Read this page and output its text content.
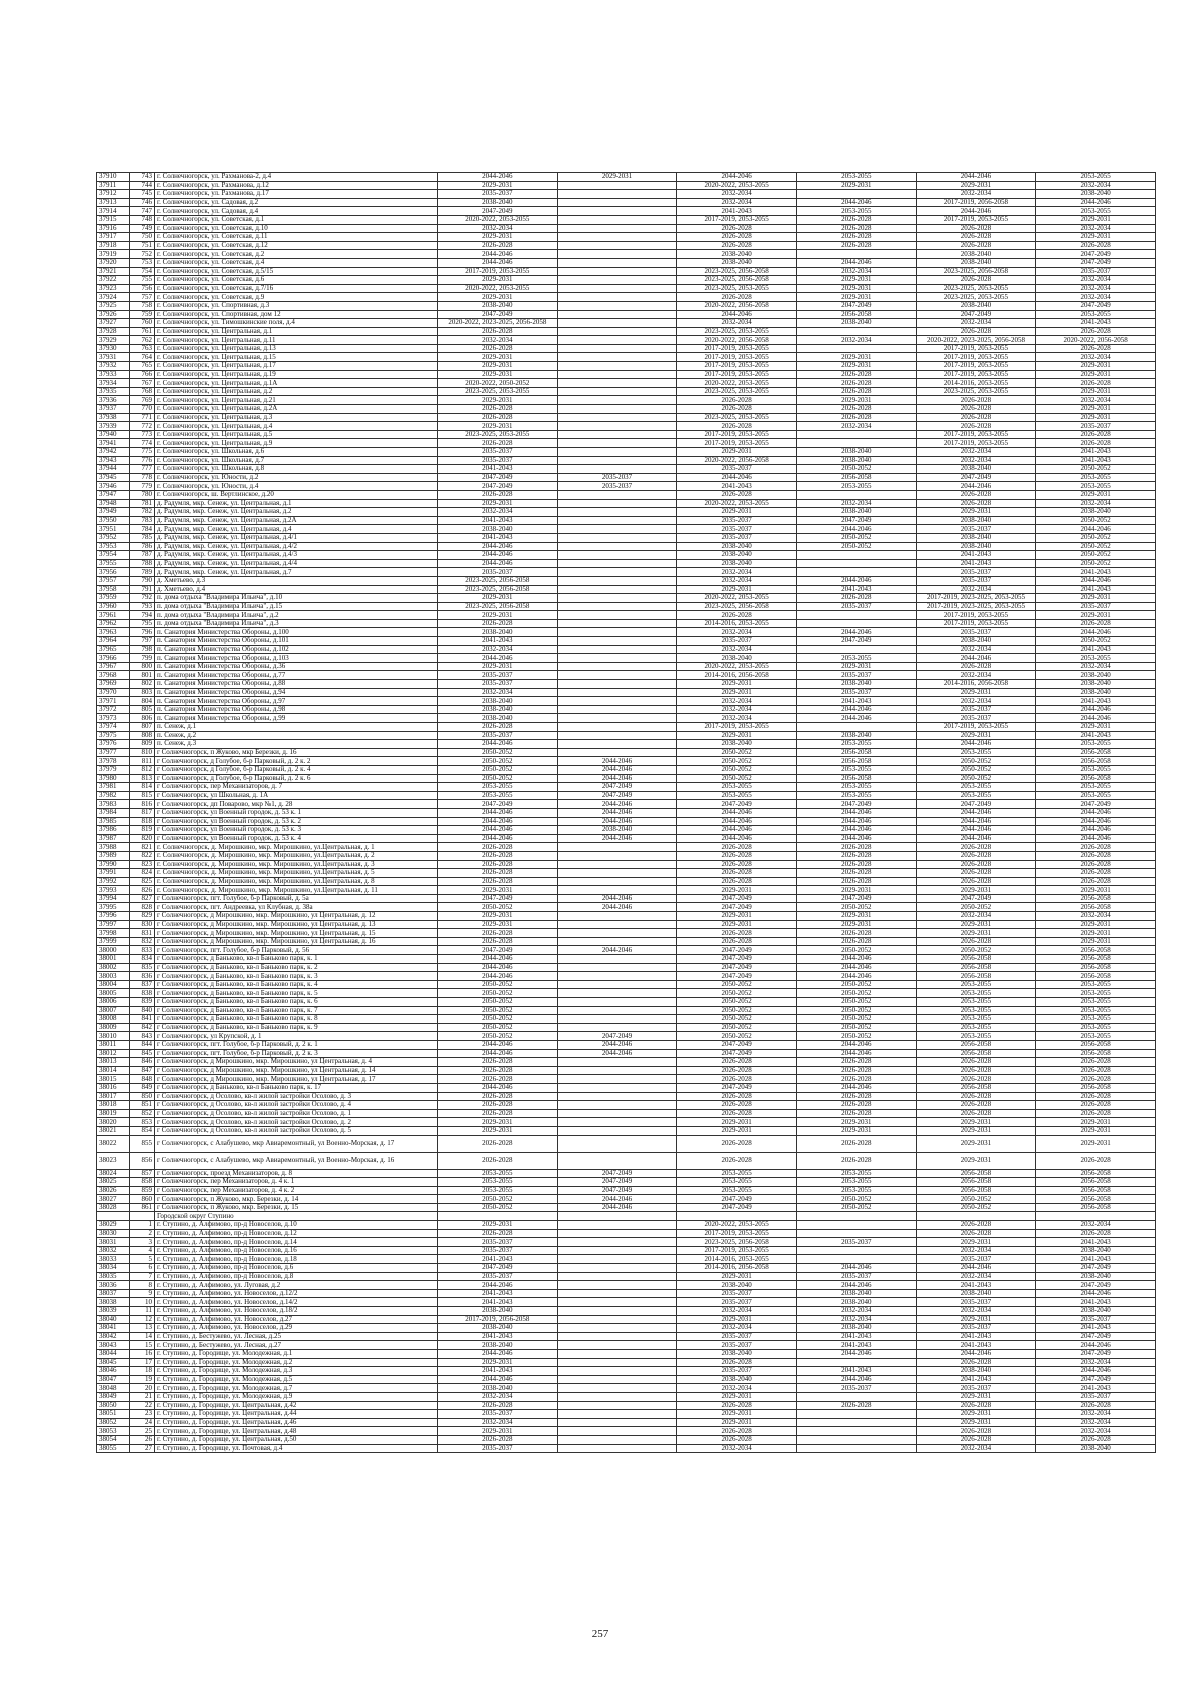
37910	743	г. Солнечногорск, ул. Рахманова-2, д.4	2044-2046	2029-2031	2044-2046	2053-2055	2044-2046	2053-2055
37911	744	г. Солнечногорск, ул. Рахманова, д.12	2029-2031		2020-2022, 2053-2055	2029-2031	2029-2031	2032-2034
37912	745	г. Солнечногорск, ул. Рахманова, д.17	2035-2037		2032-2034		2032-2034	2038-2040
37913	746	г. Солнечногорск, ул. Садовая, д.2	2038-2040		2032-2034	2044-2046	2017-2019, 2056-2058	2044-2046
37914	747	г. Солнечногорск, ул. Садовая, д.4	2047-2049		2041-2043	2053-2055	2044-2046	2053-2055
37915	748	г. Солнечногорск, ул. Советская, д.1	2020-2022, 2053-2055		2017-2019, 2053-2055	2026-2028	2017-2019, 2053-2055	2029-2031
37916	749	г. Солнечногорск, ул. Советская, д.10	2032-2034		2026-2028	2026-2028	2026-2028	2032-2034
37917	750	г. Солнечногорск, ул. Советская, д.11	2029-2031		2026-2028	2026-2028	2026-2028	2029-2031
37918	751	г. Солнечногорск, ул. Советская, д.12	2026-2028		2026-2028	2026-2028	2026-2028	2026-2028
37919	752	г. Солнечногорск, ул. Советская, д.2	2044-2046		2038-2040		2038-2040	2047-2049
37920	753	г. Солнечногорск, ул. Советская, д.4	2044-2046		2038-2040	2044-2046	2038-2040	2047-2049
37921	754	г. Солнечногорск, ул. Советская, д.5/15	2017-2019, 2053-2055		2023-2025, 2056-2058	2032-2034	2023-2025, 2056-2058	2035-2037
37922	755	г. Солнечногорск, ул. Советская, д.6	2029-2031		2023-2025, 2056-2058	2029-2031	2026-2028	2032-2034
37923	756	г. Солнечногорск, ул. Советская, д.7/16	2020-2022, 2053-2055		2023-2025, 2053-2055	2029-2031	2023-2025, 2053-2055	2032-2034
37924	757	г. Солнечногорск, ул. Советская, д.9	2029-2031		2026-2028	2029-2031	2023-2025, 2053-2055	2032-2034
37925	758	г. Солнечногорск, ул. Спортивная, д.3	2038-2040		2020-2022, 2056-2058	2047-2049	2038-2040	2047-2049
37926	759	г. Солнечногорск, ул. Спортивная, дом 12	2047-2049		2044-2046	2056-2058	2047-2049	2053-2055
37927	760	г. Солнечногорск, ул. Тимошкинские поля, д.4	2020-2022, 2023-2025, 2056-2058		2032-2034	2038-2040	2032-2034	2041-2043
37928	761	г. Солнечногорск, ул. Центральная, д.1	2026-2028		2023-2025, 2053-2055		2026-2028	2026-2028
37929	762	г. Солнечногорск, ул. Центральная, д.11	2032-2034		2020-2022, 2056-2058	2032-2034	2020-2022, 2023-2025, 2056-2058	2020-2022, 2056-2058
37930	763	г. Солнечногорск, ул. Центральная, д.13	2026-2028		2017-2019, 2053-2055		2017-2019, 2053-2055	2026-2028
37931	764	г. Солнечногорск, ул. Центральная, д.15	2029-2031		2017-2019, 2053-2055	2029-2031	2017-2019, 2053-2055	2032-2034
37932	765	г. Солнечногорск, ул. Центральная, д.17	2029-2031		2017-2019, 2053-2055	2029-2031	2017-2019, 2053-2055	2029-2031
37933	766	г. Солнечногорск, ул. Центральная, д.19	2029-2031		2017-2019, 2053-2055	2026-2028	2017-2019, 2053-2055	2029-2031
37934	767	г. Солнечногорск, ул. Центральная, д.1А	2020-2022, 2050-2052		2020-2022, 2053-2055	2026-2028	2014-2016, 2053-2055	2026-2028
37935	768	г. Солнечногорск, ул. Центральная, д.2	2023-2025, 2053-2055		2023-2025, 2053-2055	2026-2028	2023-2025, 2053-2055	2029-2031
37936	769	г. Солнечногорск, ул. Центральная, д.21	2029-2031		2026-2028	2029-2031	2026-2028	2032-2034
37937	770	г. Солнечногорск, ул. Центральная, д.2А	2026-2028		2026-2028	2026-2028	2026-2028	2029-2031
37938	771	г. Солнечногорск, ул. Центральная, д.3	2026-2028		2023-2025, 2053-2055	2026-2028	2026-2028	2029-2031
37939	772	г. Солнечногорск, ул. Центральная, д.4	2029-2031		2026-2028	2032-2034	2026-2028	2035-2037
37940	773	г. Солнечногорск, ул. Центральная, д.5	2023-2025, 2053-2055		2017-2019, 2053-2055		2017-2019, 2053-2055	2026-2028
37941	774	г. Солнечногорск, ул. Центральная, д.9	2026-2028		2017-2019, 2053-2055		2017-2019, 2053-2055	2026-2028
37942	775	г. Солнечногорск, ул. Школьная, д.6	2035-2037		2029-2031	2038-2040	2032-2034	2041-2043
37943	776	г. Солнечногорск, ул. Школьная, д.7	2035-2037		2020-2022, 2056-2058	2038-2040	2032-2034	2041-2043
37944	777	г. Солнечногорск, ул. Школьная, д.8	2041-2043		2035-2037	2050-2052	2038-2040	2050-2052
37945	778	г. Солнечногорск, ул. Юности, д.2	2047-2049	2035-2037	2044-2046	2056-2058	2047-2049	2053-2055
37946	779	г. Солнечногорск, ул. Юности, д.4	2047-2049	2035-2037	2041-2043	2053-2055	2044-2046	2053-2055
37947	780	г. Солнечногорск, ш. Вертлинское, д.20	2026-2028		2026-2028		2026-2028	2029-2031
37948	781	д. Радумля, мкр. Сенеж, ул. Центральная, д.1	2029-2031		2020-2022, 2053-2055	2032-2034	2026-2028	2032-2034
37949	782	д. Радумля, мкр. Сенеж, ул. Центральная, д.2	2032-2034		2029-2031	2038-2040	2029-2031	2038-2040
37950	783	д. Радумля, мкр. Сенеж, ул. Центральная, д.2А	2041-2043		2035-2037	2047-2049	2038-2040	2050-2052
37951	784	д. Радумля, мкр. Сенеж, ул. Центральная, д.4	2038-2040		2035-2037	2044-2046	2035-2037	2044-2046
37952	785	д. Радумля, мкр. Сенеж, ул. Центральная, д.4/1	2041-2043		2035-2037	2050-2052	2038-2040	2050-2052
37953	786	д. Радумля, мкр. Сенеж, ул. Центральная, д.4/2	2044-2046		2038-2040	2050-2052	2038-2040	2050-2052
37954	787	д. Радумля, мкр. Сенеж, ул. Центральная, д.4/3	2044-2046		2038-2040		2041-2043	2050-2052
37955	788	д. Радумля, мкр. Сенеж, ул. Центральная, д.4/4	2044-2046		2038-2040		2041-2043	2050-2052
37956	789	д. Радумля, мкр. Сенеж, ул. Центральная, д.7	2035-2037		2032-2034		2035-2037	2041-2043
37957	790	д. Хметьево, д.3	2023-2025, 2056-2058		2032-2034	2044-2046	2035-2037	2044-2046
37958	791	д. Хметьево, д.4	2023-2025, 2056-2058		2029-2031	2041-2043	2032-2034	2041-2043
37959	792	п. дома отдыха "Владимира Ильича", д.10	2029-2031		2020-2022, 2053-2055	2026-2028	2017-2019, 2023-2025, 2053-2055	2029-2031
37960	793	п. дома отдыха "Владимира Ильича", д.15	2023-2025, 2056-2058		2023-2025, 2056-2058	2035-2037	2017-2019, 2023-2025, 2053-2055	2035-2037
37961	794	п. дома отдыха "Владимира Ильича", д.2	2029-2031		2026-2028		2017-2019, 2053-2055	2029-2031
37962	795	п. дома отдыха "Владимира Ильича", д.3	2026-2028		2014-2016, 2053-2055		2017-2019, 2053-2055	2026-2028
37963	796	п. Санатория Министерства Обороны, д.100	2038-2040		2032-2034	2044-2046	2035-2037	2044-2046
37964	797	п. Санатория Министерства Обороны, д.101	2041-2043		2035-2037	2047-2049	2038-2040	2050-2052
37965	798	п. Санатория Министерства Обороны, д.102	2032-2034		2032-2034		2032-2034	2041-2043
37966	799	п. Санатория Министерства Обороны, д.103	2044-2046		2038-2040	2053-2055	2044-2046	2053-2055
37967	800	п. Санатория Министерства Обороны, д.36	2029-2031		2020-2022, 2053-2055	2029-2031	2026-2028	2032-2034
37968	801	п. Санатория Министерства Обороны, д.77	2035-2037		2014-2016, 2056-2058	2035-2037	2032-2034	2038-2040
37969	802	п. Санатория Министерства Обороны, д.88	2035-2037		2029-2031	2038-2040	2014-2016, 2056-2058	2038-2040
37970	803	п. Санатория Министерства Обороны, д.94	2032-2034		2029-2031	2035-2037	2029-2031	2038-2040
37971	804	п. Санатория Министерства Обороны, д.97	2038-2040		2032-2034	2041-2043	2032-2034	2041-2043
37972	805	п. Санатория Министерства Обороны, д.98	2038-2040		2032-2034	2044-2046	2035-2037	2044-2046
37973	806	п. Санатория Министерства Обороны, д.99	2038-2040		2032-2034	2044-2046	2035-2037	2044-2046
37974	807	п. Сенеж, д.1	2026-2028		2017-2019, 2053-2055		2017-2019, 2053-2055	2029-2031
37975	808	п. Сенеж, д.2	2035-2037		2029-2031	2038-2040	2029-2031	2041-2043
37976	809	п. Сенеж, д.3	2044-2046		2038-2040	2053-2055	2044-2046	2053-2055
37977	810	г Солнечногорск, п Жуково, мкр Березки, д. 16	2050-2052		2050-2052	2056-2058	2053-2055	2056-2058
37978	811	г Солнечногорск, д Голубое, б-р Парковый, д. 2 к. 2	2050-2052	2044-2046	2050-2052	2056-2058	2050-2052	2056-2058
37979	812	г Солнечногорск, д Голубое, б-р Парковый, д. 2 к. 4	2050-2052	2044-2046	2050-2052	2053-2055	2050-2052	2053-2055
37980	813	г Солнечногорск, д Голубое, б-р Парковый, д. 2 к. 6	2050-2052	2044-2046	2050-2052	2056-2058	2050-2052	2056-2058
37981	814	г Солнечногорск, пер Механизаторов, д. 7	2053-2055	2047-2049	2053-2055	2053-2055	2053-2055	2053-2055
37982	815	г Солнечногорск, ул Школьная, д. 1А	2053-2055	2047-2049	2053-2055	2053-2055	2053-2055	2053-2055
37983	816	г Солнечногорск, дп Поварово, мкр №1, д. 28	2047-2049	2044-2046	2047-2049	2047-2049	2047-2049	2047-2049
37984	817	г Солнечногорск, ул Военный городок, д. 53 к. 1	2044-2046	2044-2046	2044-2046	2044-2046	2044-2046	2044-2046
37985	818	г Солнечногорск, ул Военный городок, д. 53 к. 2	2044-2046	2044-2046	2044-2046	2044-2046	2044-2046	2044-2046
37986	819	г Солнечногорск, ул Военный городок, д. 53 к. 3	2044-2046	2038-2040	2044-2046	2044-2046	2044-2046	2044-2046
37987	820	г Солнечногорск, ул Военный городок, д. 53 к. 4	2044-2046	2044-2046	2044-2046	2044-2046	2044-2046	2044-2046
37988	821	г. Солнечногорск, д. Мирошкино, мкр. Мирошкино, ул.Центральная, д. 1	2026-2028		2026-2028	2026-2028	2026-2028	2026-2028
37989	822	г. Солнечногорск, д. Мирошкино, мкр. Мирошкино, ул.Центральная, д. 2	2026-2028		2026-2028	2026-2028	2026-2028	2026-2028
37990	823	г. Солнечногорск, д. Мирошкино, мкр. Мирошкино, ул.Центральная, д. 3	2026-2028		2026-2028	2026-2028	2026-2028	2026-2028
37991	824	г. Солнечногорск, д. Мирошкино, мкр. Мирошкино, ул.Центральная, д. 5	2026-2028		2026-2028	2026-2028	2026-2028	2026-2028
37992	825	г. Солнечногорск, д. Мирошкино, мкр. Мирошкино, ул.Центральная, д. 8	2026-2028		2026-2028	2026-2028	2026-2028	2026-2028
37993	826	г. Солнечногорск, д. Мирошкино, мкр. Мирошкино, ул.Центральная, д. 11	2029-2031		2029-2031	2029-2031	2029-2031	2029-2031
37994	827	г Солнечногорск, пгт. Голубое, б-р Парковый, д. 5а	2047-2049	2044-2046	2047-2049	2047-2049	2047-2049	2056-2058
37995	828	г Солнечногорск, пгт. Андреевка, ул Клубная, д. 38а	2050-2052	2044-2046	2047-2049	2050-2052	2050-2052	2056-2058
37996	829	г Солнечногорск, д Мирошкино, мкр. Мирошкино, ул Центральная, д. 12	2029-2031		2029-2031	2029-2031	2032-2034	2032-2034
37997	830	г Солнечногорск, д Мирошкино, мкр. Мирошкино, ул Центральная, д. 13	2029-2031		2029-2031	2029-2031	2029-2031	2029-2031
37998	831	г Солнечногорск, д Мирошкино, мкр. Мирошкино, ул Центральная, д. 15	2026-2028		2026-2028	2026-2028	2029-2031	2029-2031
37999	832	г Солнечногорск, д Мирошкино, мкр. Мирошкино, ул Центральная, д. 16	2026-2028		2026-2028	2026-2028	2026-2028	2029-2031
38000	833	г Солнечногорск, пгт. Голубое, б-р Парковый, д. 56	2047-2049	2044-2046	2047-2049	2050-2052	2050-2052	2056-2058
38001	834	г Солнечногорск, д Баньково, кв-л Баньково парк, к. 1	2044-2046		2047-2049	2044-2046	2056-2058	2056-2058
38002	835	г Солнечногорск, д Баньково, кв-л Баньково парк, к. 2	2044-2046		2047-2049	2044-2046	2056-2058	2056-2058
38003	836	г Солнечногорск, д Баньково, кв-л Баньково парк, к. 3	2044-2046		2047-2049	2044-2046	2056-2058	2056-2058
38004	837	г Солнечногорск, д Баньково, кв-л Баньково парк, к. 4	2050-2052		2050-2052	2050-2052	2053-2055	2053-2055
38005	838	г Солнечногорск, д Баньково, кв-л Баньково парк, к. 5	2050-2052		2050-2052	2050-2052	2053-2055	2053-2055
38006	839	г Солнечногорск, д Баньково, кв-л Баньково парк, к. 6	2050-2052		2050-2052	2050-2052	2053-2055	2053-2055
38007	840	г Солнечногорск, д Баньково, кв-л Баньково парк, к. 7	2050-2052		2050-2052	2050-2052	2053-2055	2053-2055
38008	841	г Солнечногорск, д Баньково, кв-л Баньково парк, к. 8	2050-2052		2050-2052	2050-2052	2053-2055	2053-2055
38009	842	г Солнечногорск, д Баньково, кв-л Баньково парк, к. 9	2050-2052		2050-2052	2050-2052	2053-2055	2053-2055
38010	843	г Солнечногорск, ул Крупской, д. 1	2050-2052	2047-2049	2050-2052	2050-2052	2053-2055	2053-2055
38011	844	г Солнечногорск, пгт. Голубое, б-р Парковый, д. 2 к. 1	2044-2046	2044-2046	2047-2049	2044-2046	2056-2058	2056-2058
38012	845	г Солнечногорск, пгт. Голубое, б-р Парковый, д. 2 к. 3	2044-2046	2044-2046	2047-2049	2044-2046	2056-2058	2056-2058
38013	846	г Солнечногорск, д Мирошкино, мкр. Мирошкино, ул Центральная, д. 4	2026-2028		2026-2028	2026-2028	2026-2028	2026-2028
38014	847	г Солнечногорск, д Мирошкино, мкр. Мирошкино, ул Центральная, д. 14	2026-2028		2026-2028	2026-2028	2026-2028	2026-2028
38015	848	г Солнечногорск, д Мирошкино, мкр. Мирошкино, ул Центральная, д. 17	2026-2028		2026-2028	2026-2028	2026-2028	2026-2028
38016	849	г Солнечногорск, д Баньково, кв-л Баньково парк, к. 17	2044-2046		2047-2049	2044-2046	2056-2058	2056-2058
38017	850	г Солнечногорск, д Осолово, кв-л жилой застройки Осолово, д. 3	2026-2028		2026-2028	2026-2028	2026-2028	2026-2028
38018	851	г Солнечногорск, д Осолово, кв-л жилой застройки Осолово, д. 4	2026-2028		2026-2028	2026-2028	2026-2028	2026-2028
38019	852	г Солнечногорск, д Осолово, кв-л жилой застройки Осолово, д. 1	2026-2028		2026-2028	2026-2028	2026-2028	2026-2028
38020	853	г Солнечногорск, д Осолово, кв-л жилой застройки Осолово, д. 2	2029-2031		2029-2031	2029-2031	2029-2031	2029-2031
38021	854	г Солнечногорск, д Осолово, кв-л жилой застройки Осолово, д. 5	2029-2031		2029-2031	2029-2031	2029-2031	2029-2031
38022	855	г Солнечногорск, с Алабушево, мкр Авиаремонтный, ул Военно-Морская, д. 17	2026-2028		2026-2028	2026-2028	2029-2031	2029-2031
38023	856	г Солнечногорск, с Алабушево, мкр Авиаремонтный, ул Военно-Морская, д. 16	2026-2028		2026-2028	2026-2028	2029-2031	2026-2028
38024	857	г Солнечногорск, проезд Механизаторов, д. 8	2053-2055	2047-2049	2053-2055	2053-2055	2056-2058	2056-2058
38025	858	г Солнечногорск, пер Механизаторов, д. 4 к. 1	2053-2055	2047-2049	2053-2055	2053-2055	2056-2058	2056-2058
38026	859	г Солнечногорск, пер Механизаторов, д. 4 к. 2	2053-2055	2047-2049	2053-2055	2053-2055	2056-2058	2056-2058
38027	860	г Солнечногорск, п Жуково, мкр. Березки, д. 14	2050-2052	2044-2046	2047-2049	2050-2052	2050-2052	2056-2058
38028	861	г Солнечногорск, п Жуково, мкр. Березки, д. 15	2050-2052	2044-2046	2047-2049	2050-2052	2050-2052	2056-2058
		Городской округ Ступино						
38029	1	г. Ступино, д. Алфимово, пр-д Новоселов, д.10	2029-2031		2020-2022, 2053-2055		2026-2028	2032-2034
38030	2	г. Ступино, д. Алфимово, пр-д Новоселов, д.12	2026-2028		2017-2019, 2053-2055		2026-2028	2026-2028
38031	3	г. Ступино, д. Алфимово, пр-д Новоселов, д.14	2035-2037		2023-2025, 2056-2058	2035-2037	2029-2031	2041-2043
38032	4	г. Ступино, д. Алфимово, пр-д Новоселов, д.16	2035-2037		2017-2019, 2053-2055		2032-2034	2038-2040
38033	5	г. Ступино, д. Алфимово, пр-д Новоселов, д.18	2041-2043		2014-2016, 2053-2055		2035-2037	2041-2043
38034	6	г. Ступино, д. Алфимово, пр-д Новоселов, д.6	2047-2049		2014-2016, 2056-2058	2044-2046	2044-2046	2047-2049
38035	7	г. Ступино, д. Алфимово, пр-д Новоселов, д.8	2035-2037		2029-2031	2035-2037	2032-2034	2038-2040
38036	8	г. Ступино, д. Алфимово, ул. Луговая, д.2	2044-2046		2038-2040	2044-2046	2041-2043	2047-2049
38037	9	г. Ступино, д. Алфимово, ул. Новоселов, д.12/2	2041-2043		2035-2037	2038-2040	2038-2040	2044-2046
38038	10	г. Ступино, д. Алфимово, ул. Новоселов, д.14/2	2041-2043		2035-2037	2038-2040	2035-2037	2041-2043
38039	11	г. Ступино, д. Алфимово, ул. Новоселов, д.18/2	2038-2040		2032-2034	2032-2034	2032-2034	2038-2040
38040	12	г. Ступино, д. Алфимово, ул. Новоселов, д.27	2017-2019, 2056-2058		2029-2031	2032-2034	2029-2031	2035-2037
38041	13	г. Ступино, д. Алфимово, ул. Новоселов, д.29	2038-2040		2032-2034	2038-2040	2035-2037	2041-2043
38042	14	г. Ступино, д. Бестужево, ул. Лесная, д.25	2041-2043		2035-2037	2041-2043	2041-2043	2047-2049
38043	15	г. Ступино, д. Бестужево, ул. Лесная, д.27	2038-2040		2035-2037	2041-2043	2041-2043	2044-2046
38044	16	г. Ступино, д. Городище, ул. Молодежная, д.1	2044-2046		2038-2040	2044-2046	2044-2046	2047-2049
38045	17	г. Ступино, д. Городище, ул. Молодежная, д.2	2029-2031		2026-2028		2026-2028	2032-2034
38046	18	г. Ступино, д. Городище, ул. Молодежная, д.3	2041-2043		2035-2037	2041-2043	2038-2040	2044-2046
38047	19	г. Ступино, д. Городище, ул. Молодежная, д.5	2044-2046		2038-2040	2044-2046	2041-2043	2047-2049
38048	20	г. Ступино, д. Городище, ул. Молодежная, д.7	2038-2040		2032-2034	2035-2037	2035-2037	2041-2043
38049	21	г. Ступино, д. Городище, ул. Молодежная, д.9	2032-2034		2029-2031		2029-2031	2035-2037
38050	22	г. Ступино, д. Городище, ул. Центральная, д.42	2026-2028		2026-2028	2026-2028	2026-2028	2026-2028
38051	23	г. Ступино, д. Городище, ул. Центральная, д.44	2035-2037		2029-2031		2029-2031	2032-2034
38052	24	г. Ступино, д. Городище, ул. Центральная, д.46	2032-2034		2029-2031		2029-2031	2032-2034
38053	25	г. Ступино, д. Городище, ул. Центральная, д.48	2029-2031		2026-2028		2026-2028	2032-2034
38054	26	г. Ступино, д. Городище, ул. Центральная, д.50	2026-2028		2026-2028		2026-2028	2026-2028
38055	27	г. Ступино, д. Городище, ул. Почтовая, д.4	2035-2037		2032-2034		2032-2034	2038-2040
257
